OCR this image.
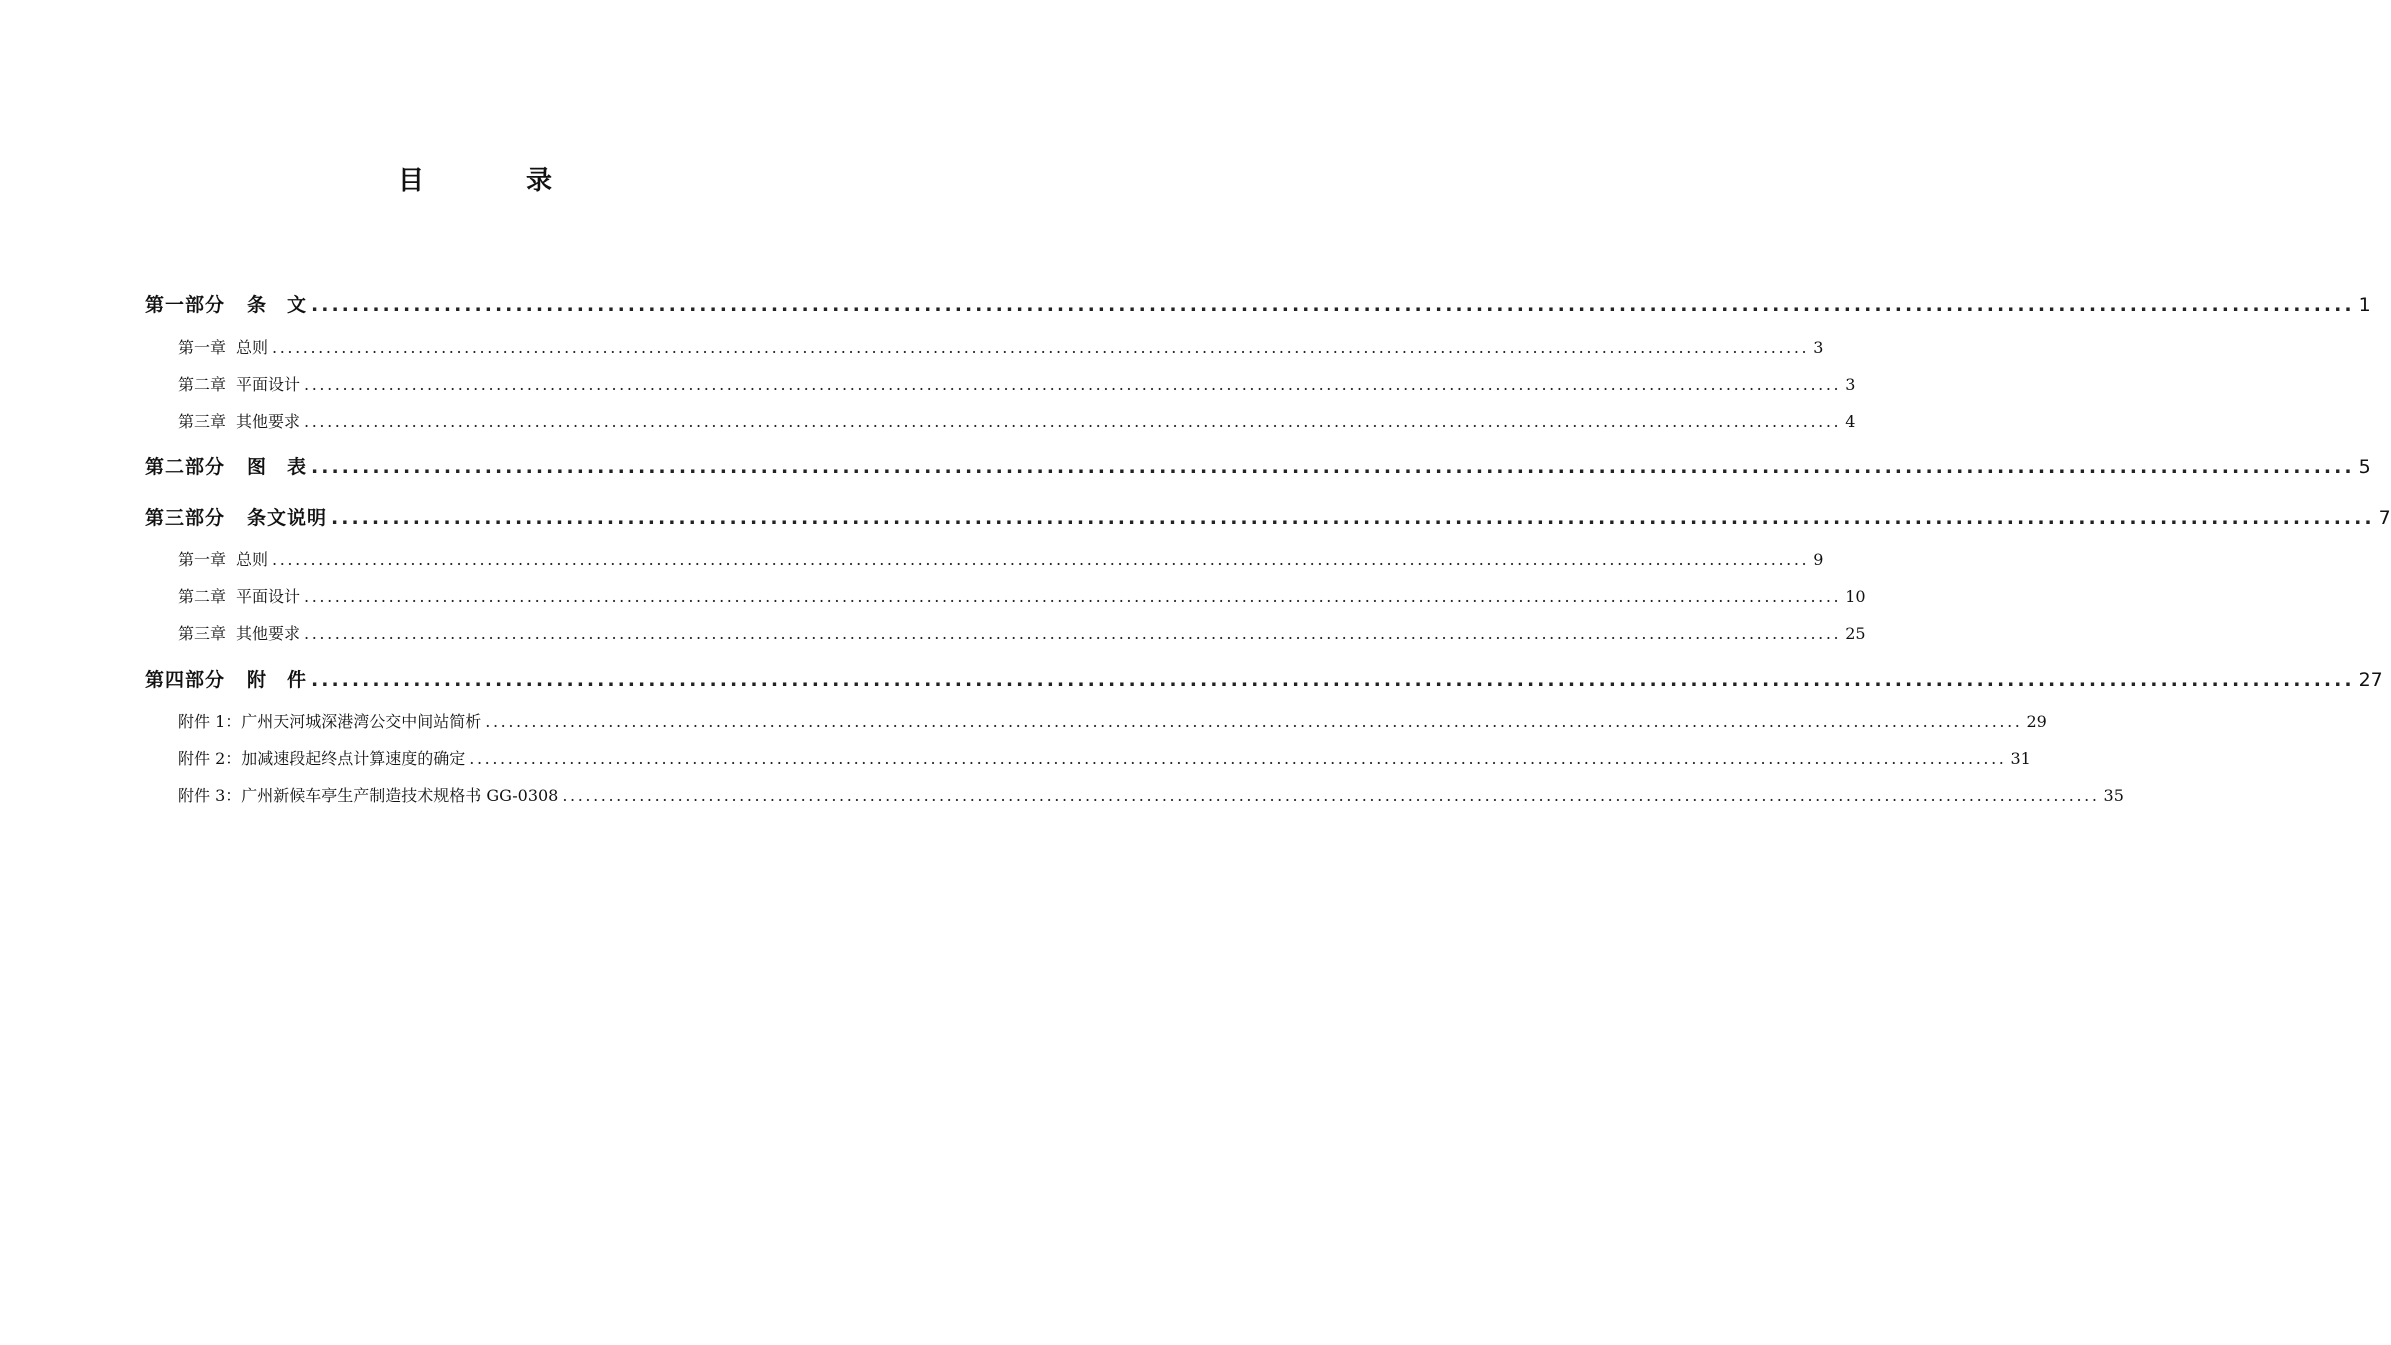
目　录
第一部分 条　文 ........................................................................................................................................................................................................ 1
第一章 总则 ........................................................................................................................................................................................................ 3
第二章 平面设计 ........................................................................................................................................................................................................ 3
第三章 其他要求 ........................................................................................................................................................................................................ 4
第二部分 图　表 ........................................................................................................................................................................................................ 5
第三部分 条文说明 ........................................................................................................................................................................................................ 7
第一章 总则 ........................................................................................................................................................................................................ 9
第二章 平面设计 ........................................................................................................................................................................................................ 10
第三章 其他要求 ........................................................................................................................................................................................................ 25
第四部分 附　件 ........................................................................................................................................................................................................ 27
附件 1：广州天河城深港湾公交中间站简析 ........................................................................................................................................................................................................ 29
附件 2：加减速段起终点计算速度的确定 ........................................................................................................................................................................................................ 31
附件 3：广州新候车亭生产制造技术规格书 GG-0308 ........................................................................................................................................................................................................ 35
